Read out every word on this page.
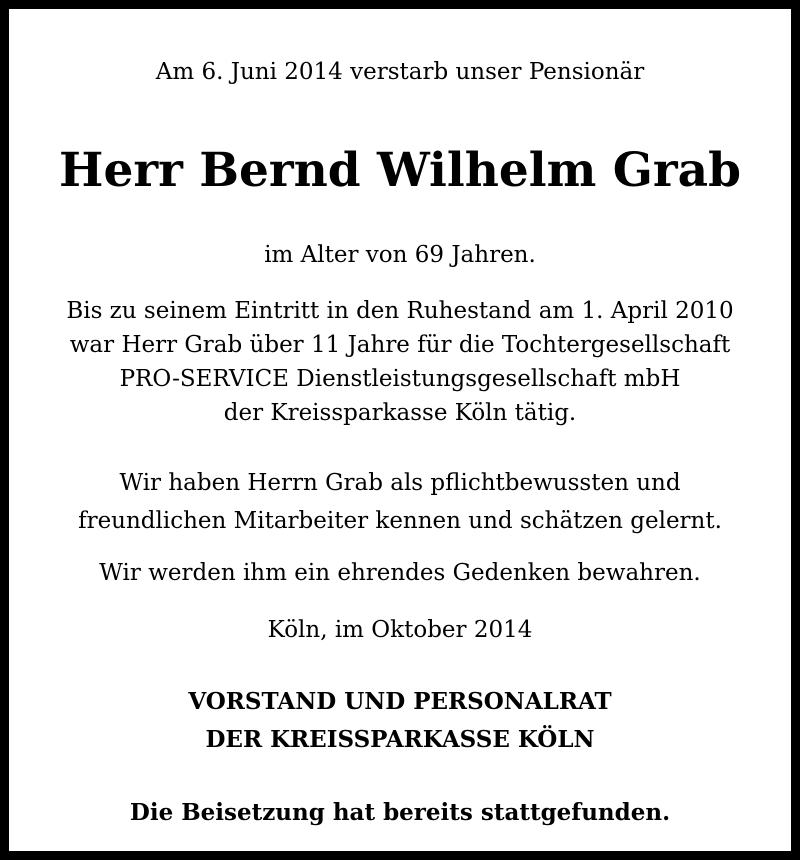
Am 6. Juni 2014 verstarb unser Pensionär

Herr Bernd Wilhelm Grab

im Alter von 69 Jahren.

Bis zu seinem Eintritt in den Ruhestand am 1. April 2010
war Herr Grab über 11 Jahre für die Tochtergesellschaft
PRO-SERVICE Dienstleistungsgesellschaft mbH
der Kreissparkasse Köln tätig.

Wir haben Herrn Grab als pflichtbewussten und
freundlichen Mitarbeiter kennen und schätzen gelernt.

Wir werden ihm ein ehrendes Gedenken bewahren.

Köln, im Oktober 2014

VORSTAND UND PERSONALRAT
DER KREISSPARKASSE KÖLN

Die Beisetzung hat bereits stattgefunden.
